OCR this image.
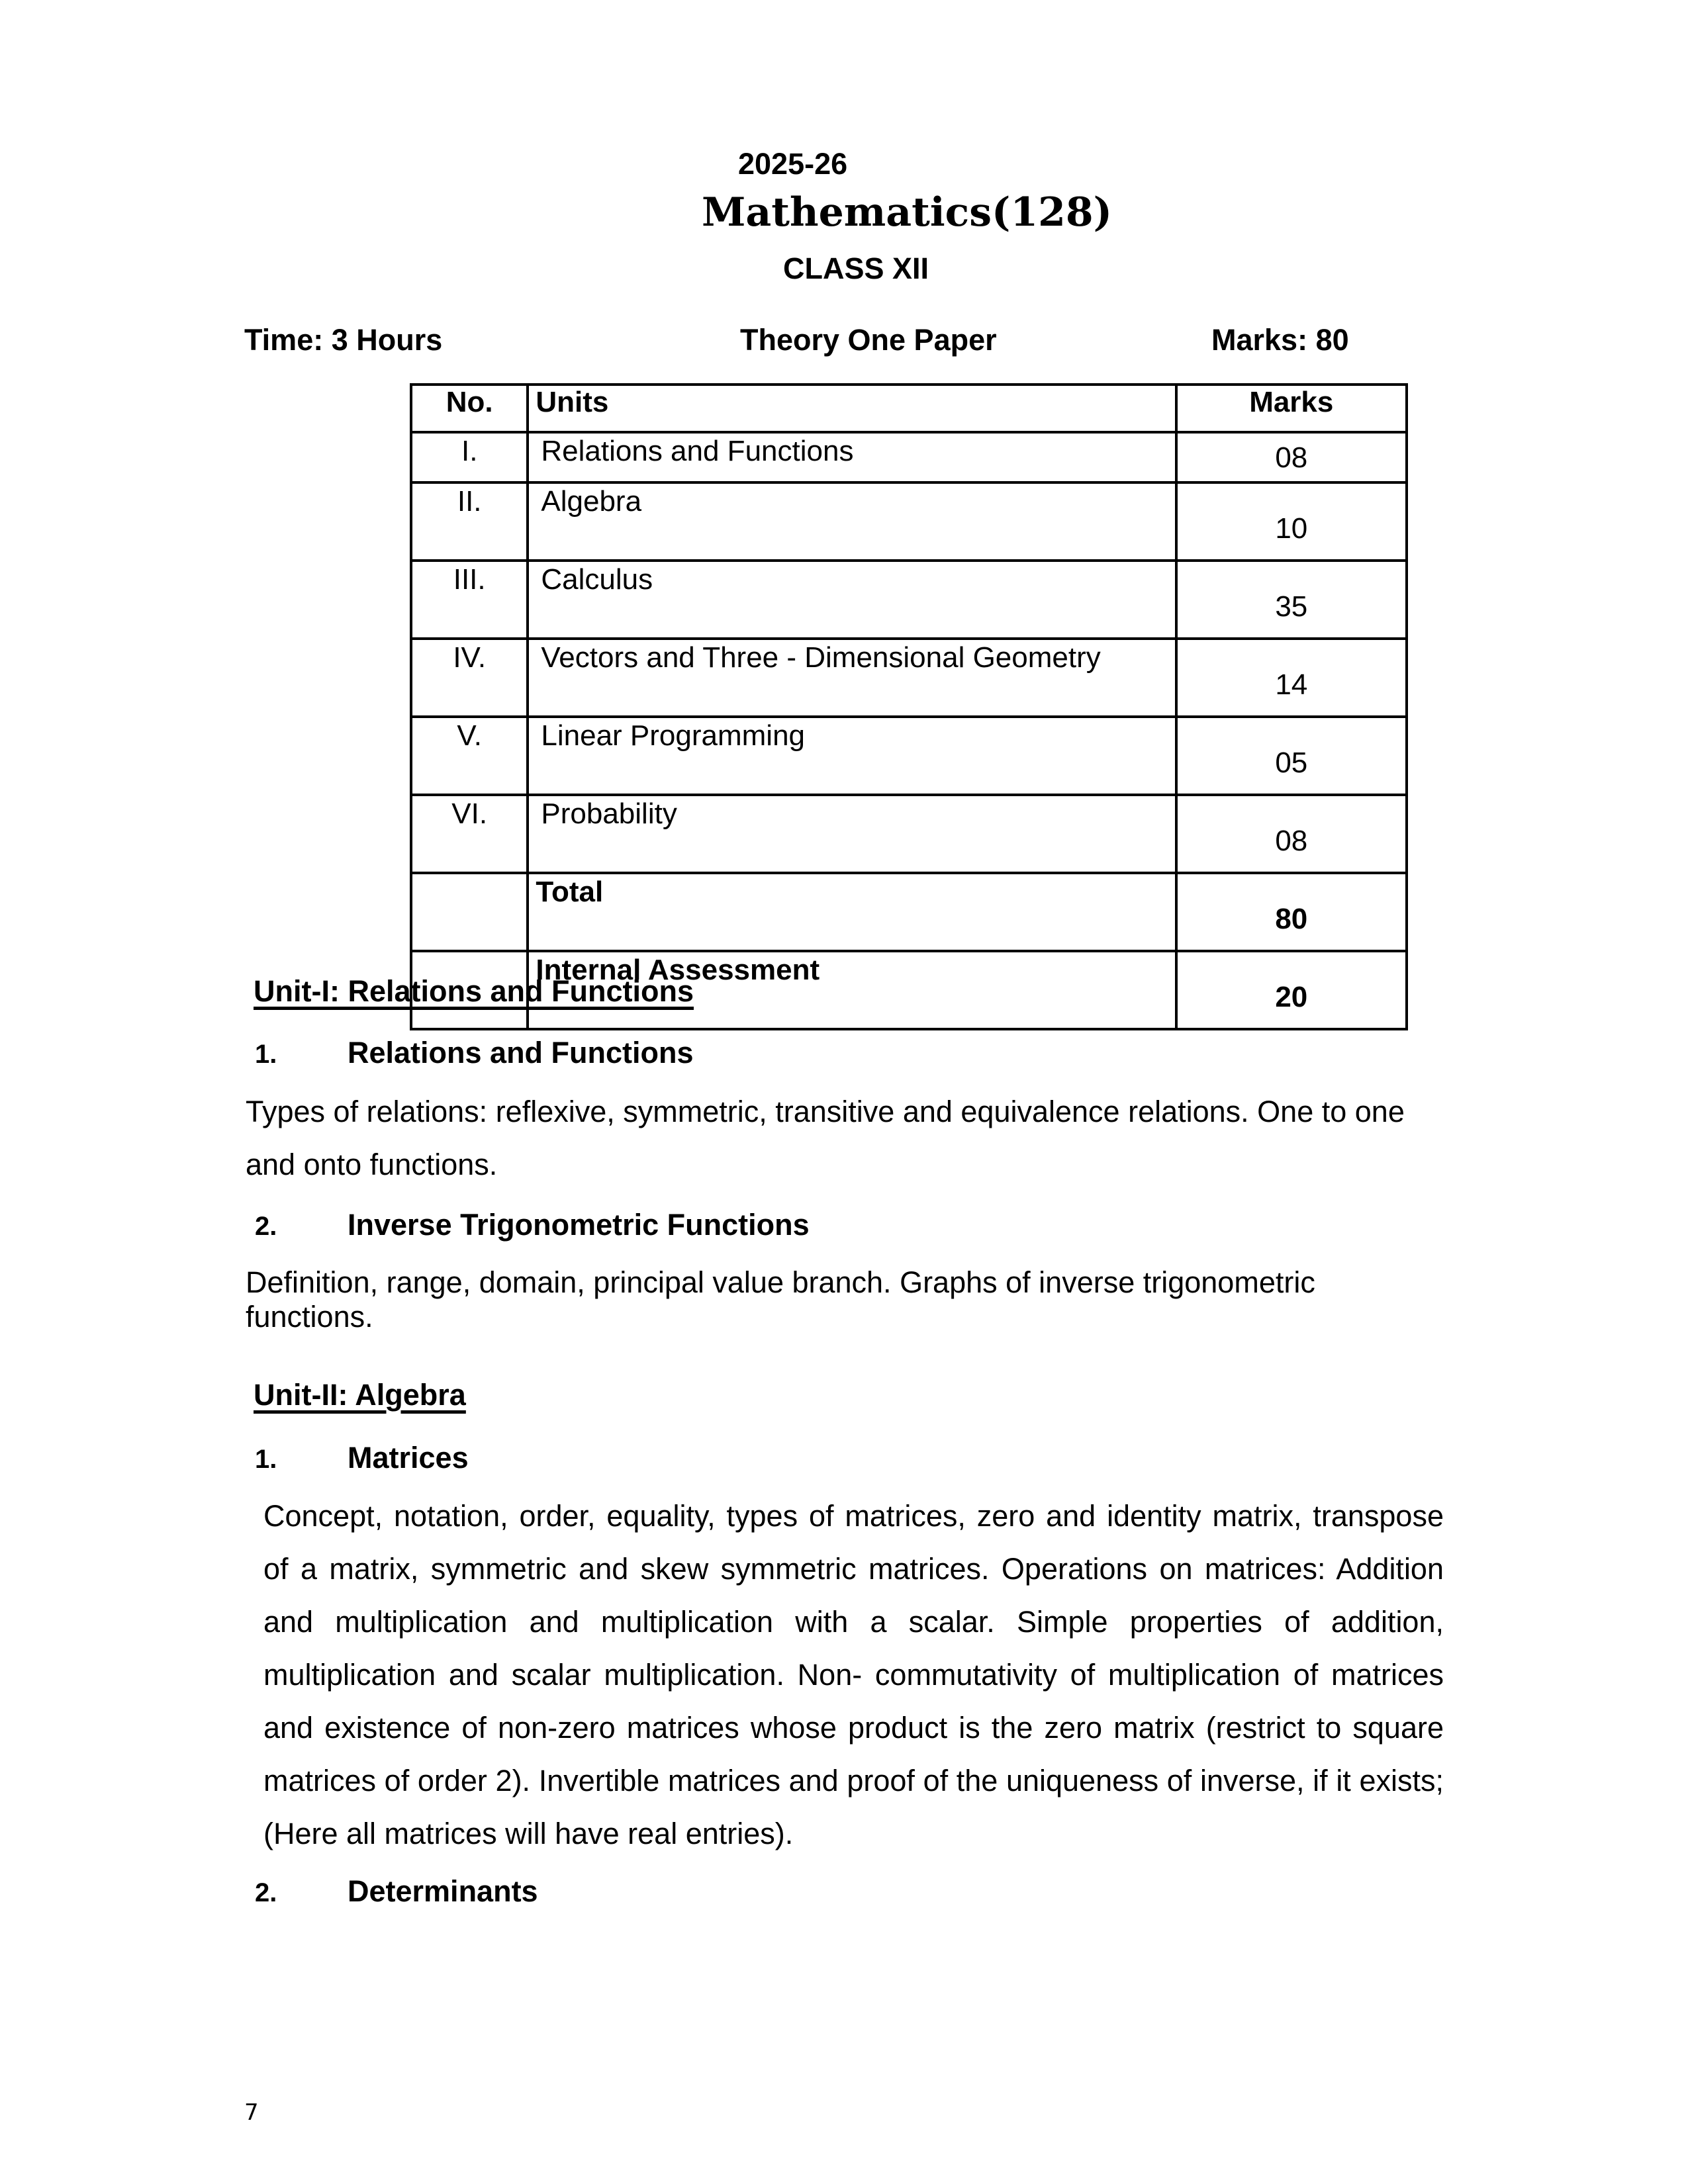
2025-26
Mathematics(128)
CLASS XII
Time: 3 Hours	Theory One Paper	Marks: 80
No.	Units	Marks
I.	Relations and Functions	08
II.	Algebra	10
III.	Calculus	35
IV.	Vectors and Three - Dimensional Geometry	14
V.	Linear Programming	05
VI.	Probability	08
	Total	80
	Internal Assessment	20
Unit-I: Relations and Functions
1. Relations and Functions
Types of relations: reflexive, symmetric, transitive and equivalence relations. One to one and onto functions.
2. Inverse Trigonometric Functions
Definition, range, domain, principal value branch. Graphs of inverse trigonometric functions.
Unit-II: Algebra
1. Matrices
Concept, notation, order, equality, types of matrices, zero and identity matrix, transpose of a matrix, symmetric and skew symmetric matrices. Operations on matrices: Addition and multiplication and multiplication with a scalar. Simple properties of addition, multiplication and scalar multiplication. Non- commutativity of multiplication of matrices and existence of non-zero matrices whose product is the zero matrix (restrict to square matrices of order 2). Invertible matrices and proof of the uniqueness of inverse, if it exists; (Here all matrices will have real entries).
2. Determinants
7
